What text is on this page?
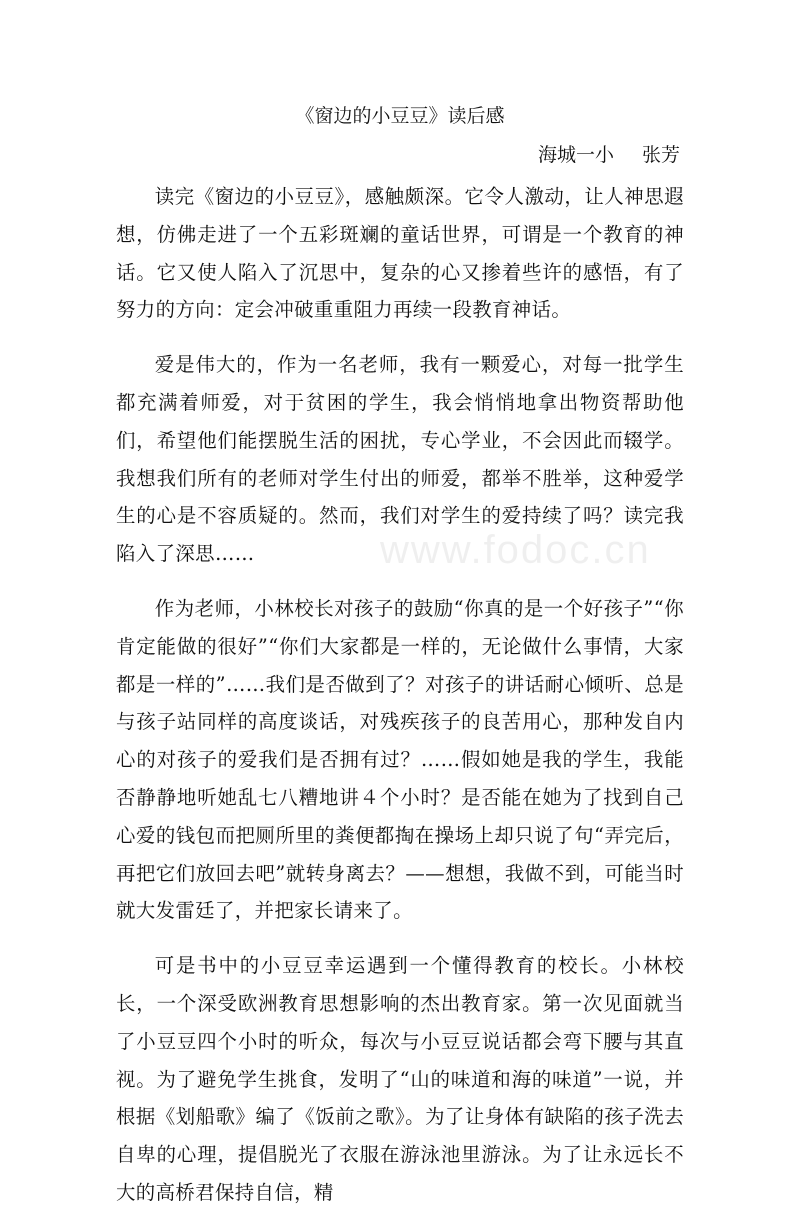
《窗边的小豆豆》读后感
海城一小 张芳

读完《窗边的小豆豆》，感触颇深。它令人激动，让人神思遐想，仿佛走进了一个五彩斑斓的童话世界，可谓是一个教育的神话。它又使人陷入了沉思中，复杂的心又掺着些许的感悟，有了努力的方向：定会冲破重重阻力再续一段教育神话。

爱是伟大的，作为一名老师，我有一颗爱心，对每一批学生都充满着师爱，对于贫困的学生，我会悄悄地拿出物资帮助他们，希望他们能摆脱生活的困扰，专心学业，不会因此而辍学。我想我们所有的老师对学生付出的师爱，都举不胜举，这种爱学生的心是不容质疑的。然而，我们对学生的爱持续了吗？读完我陷入了深思……

作为老师，小林校长对孩子的鼓励“你真的是一个好孩子”“你肯定能做的很好”“你们大家都是一样的，无论做什么事情，大家都是一样的”……我们是否做到了？对孩子的讲话耐心倾听、总是与孩子站同样的高度谈话，对残疾孩子的良苦用心，那种发自内心的对孩子的爱我们是否拥有过？……假如她是我的学生，我能否静静地听她乱七八糟地讲４个小时？是否能在她为了找到自己心爱的钱包而把厕所里的粪便都掏在操场上却只说了句“弄完后，再把它们放回去吧”就转身离去？——想想，我做不到，可能当时就大发雷廷了，并把家长请来了。

可是书中的小豆豆幸运遇到一个懂得教育的校长。小林校长，一个深受欧洲教育思想影响的杰出教育家。第一次见面就当了小豆豆四个小时的听众，每次与小豆豆说话都会弯下腰与其直视。为了避免学生挑食，发明了“山的味道和海的味道”一说，并根据《划船歌》编了《饭前之歌》。为了让身体有缺陷的孩子洗去自卑的心理，提倡脱光了衣服在游泳池里游泳。为了让永远长不大的高桥君保持自信，精

www.fodoc.cn
